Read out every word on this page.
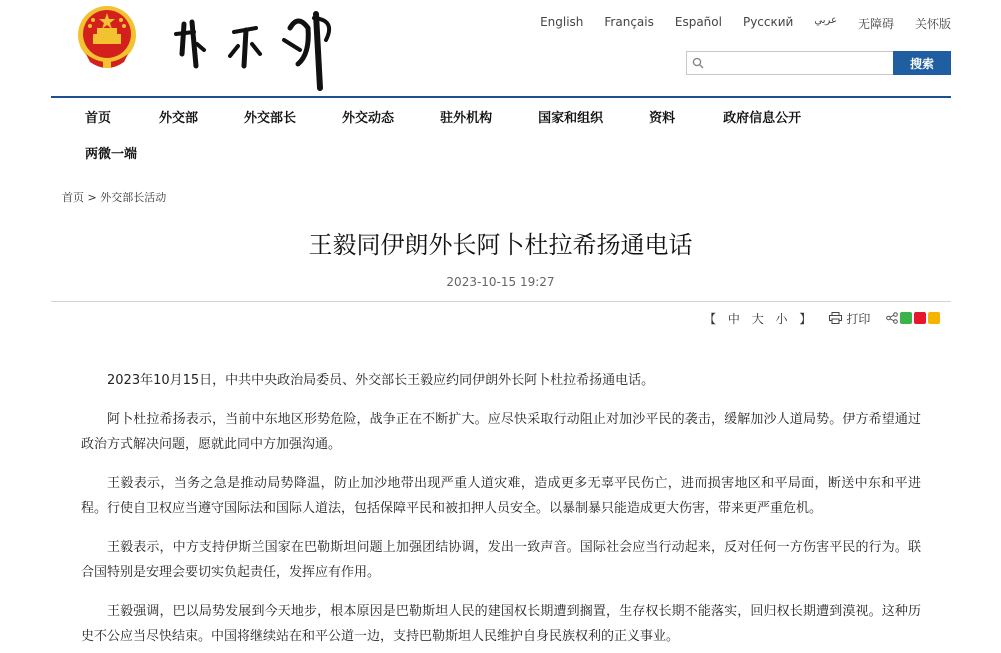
English Français Español Русский عربي 无障碍 关怀版
搜索
首页	外交部	外交部长	外交动态	驻外机构	国家和组织	资料	政府信息公开
两微一端
首页 > 外交部长活动
王毅同伊朗外长阿卜杜拉希扬通电话
2023-10-15 19:27
【 中 大 小 】	打印

2023年10月15日，中共中央政治局委员、外交部长王毅应约同伊朗外长阿卜杜拉希扬通电话。

阿卜杜拉希扬表示，当前中东地区形势危险，战争正在不断扩大。应尽快采取行动阻止对加沙平民的袭击，缓解加沙人道局势。伊方希望通过政治方式解决问题，愿就此同中方加强沟通。

王毅表示，当务之急是推动局势降温，防止加沙地带出现严重人道灾难，造成更多无辜平民伤亡，进而损害地区和平局面，断送中东和平进程。行使自卫权应当遵守国际法和国际人道法，包括保障平民和被扣押人员安全。以暴制暴只能造成更大伤害，带来更严重危机。

王毅表示，中方支持伊斯兰国家在巴勒斯坦问题上加强团结协调，发出一致声音。国际社会应当行动起来，反对任何一方伤害平民的行为。联合国特别是安理会要切实负起责任，发挥应有作用。

王毅强调，巴以局势发展到今天地步，根本原因是巴勒斯坦人民的建国权长期遭到搁置，生存权长期不能落实，回归权长期遭到漠视。这种历史不公应当尽快结束。中国将继续站在和平公道一边，支持巴勒斯坦人民维护自身民族权利的正义事业。
